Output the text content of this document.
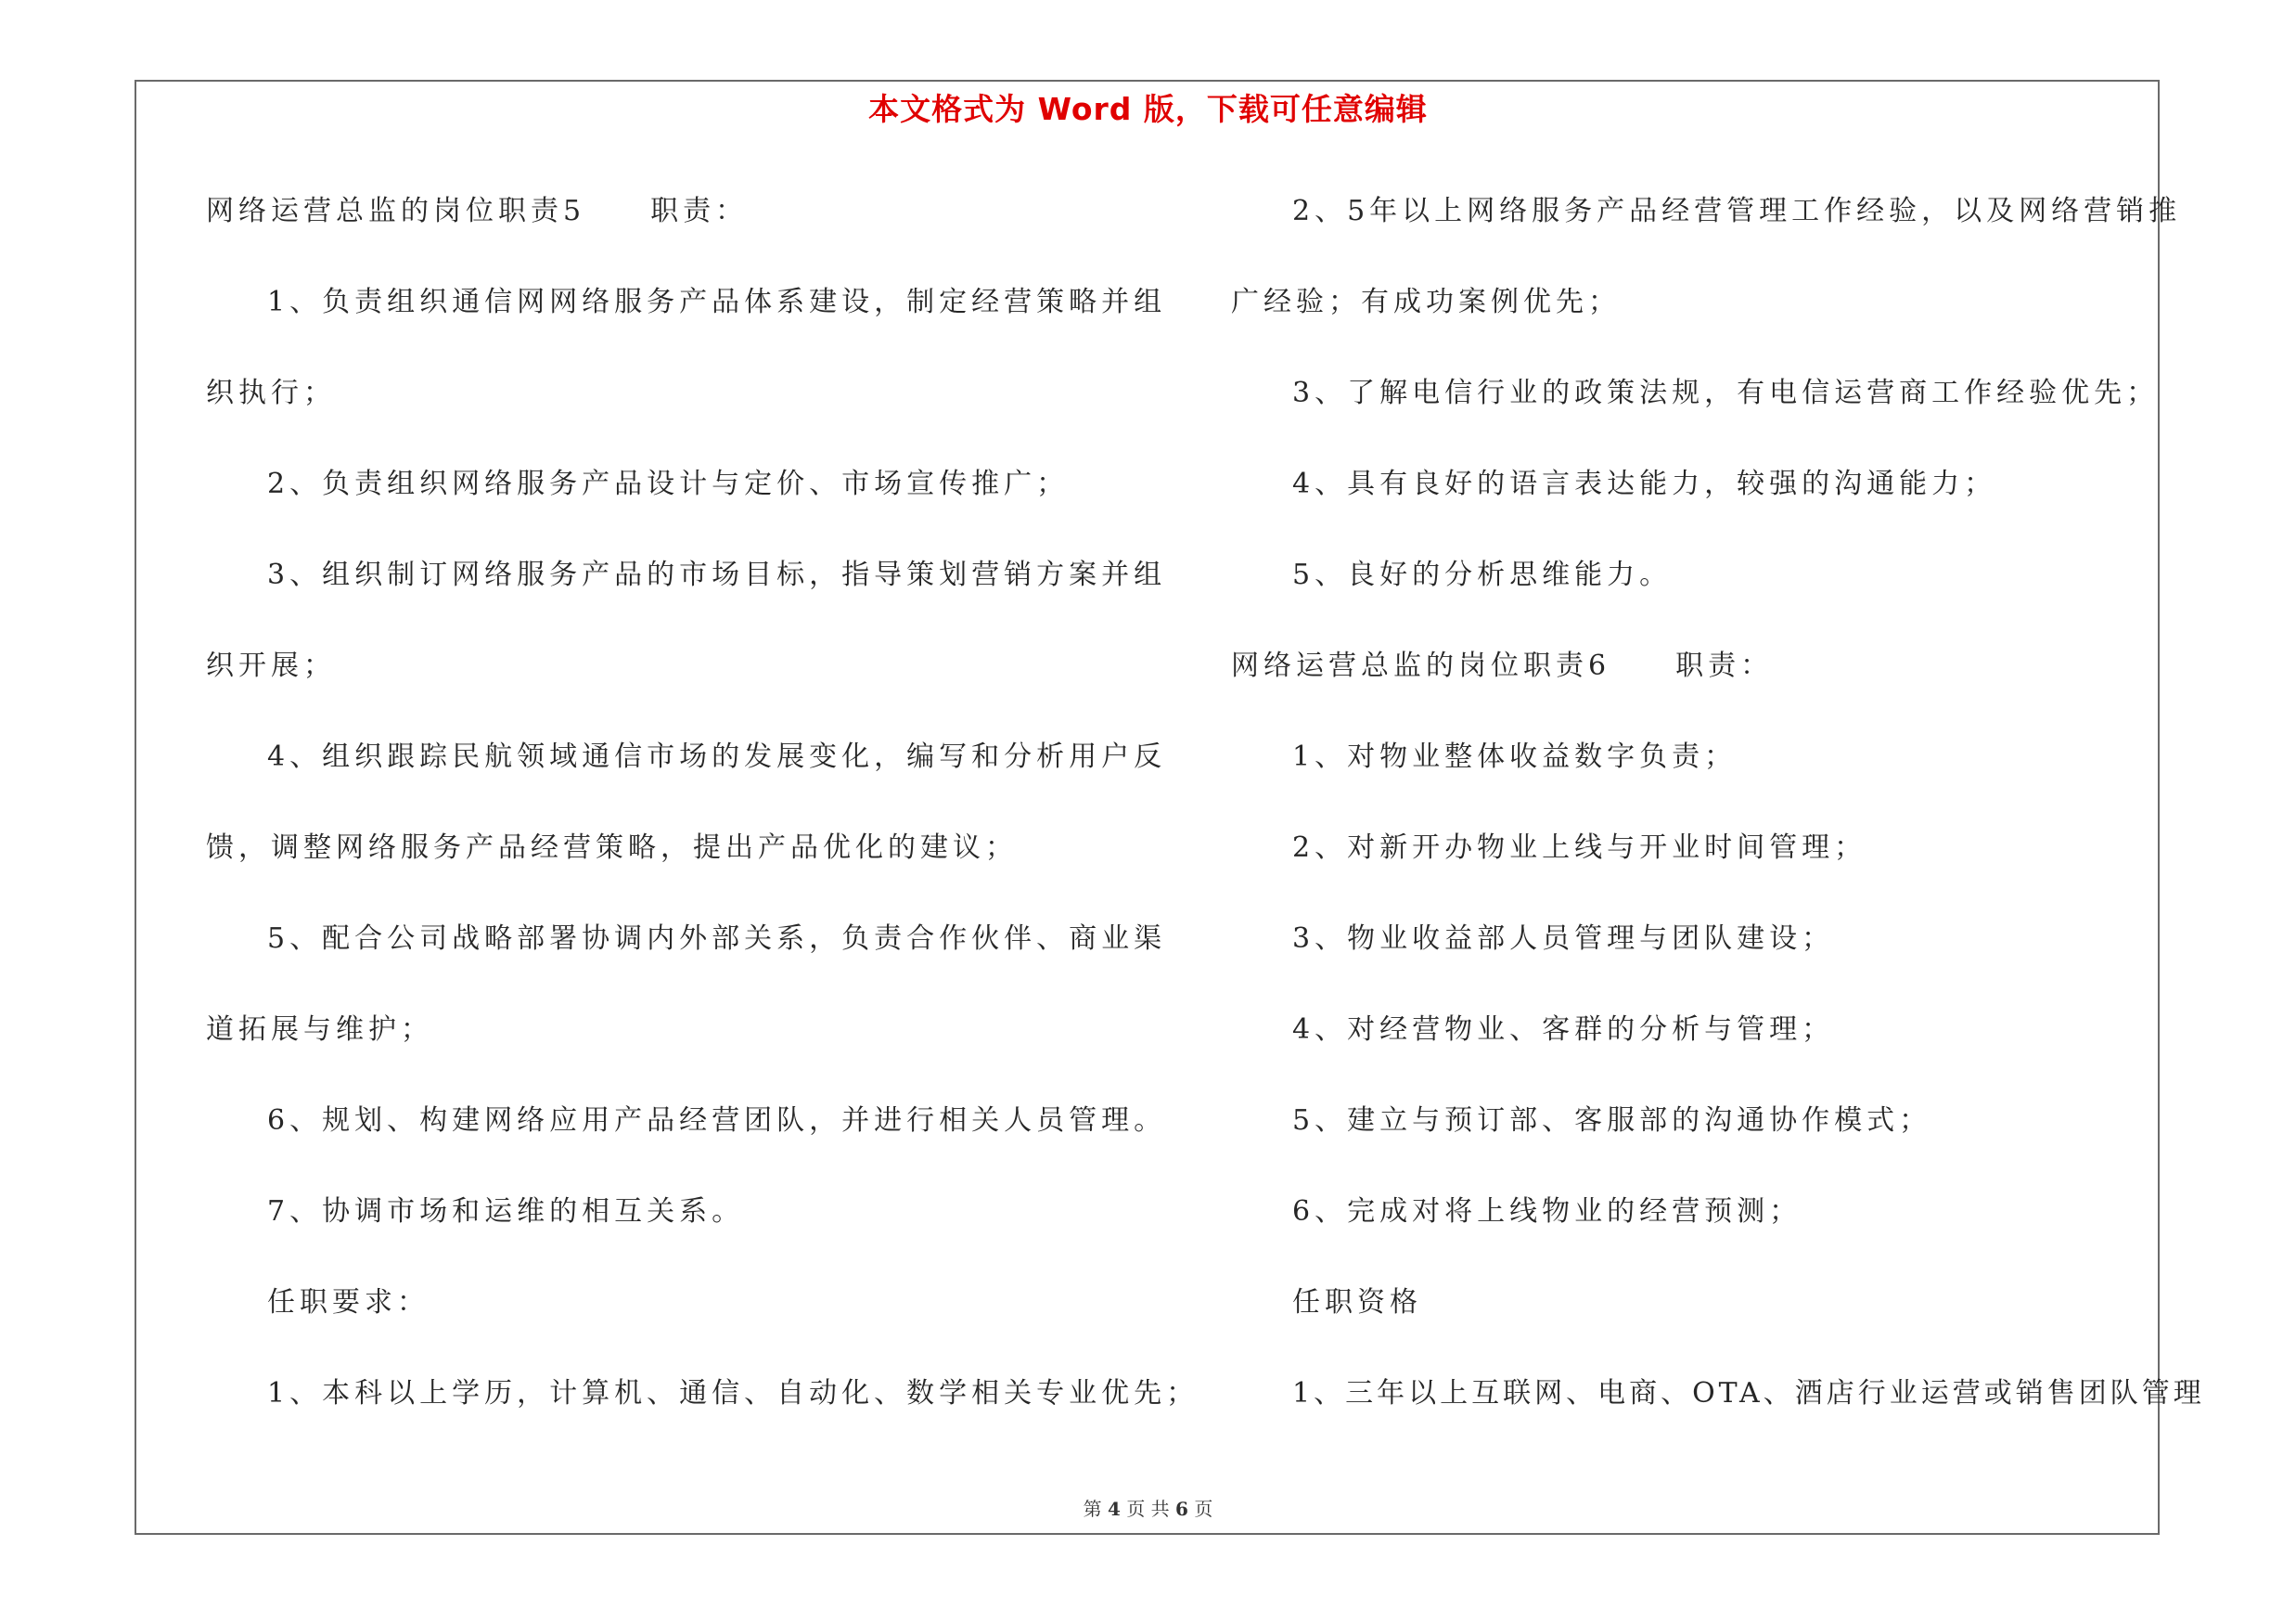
本文格式为 Word 版，下载可任意编辑
网络运营总监的岗位职责5 职责：
1、负责组织通信网网络服务产品体系建设，制定经营策略并组
织执行；
2、负责组织网络服务产品设计与定价、市场宣传推广；
3、组织制订网络服务产品的市场目标，指导策划营销方案并组
织开展；
4、组织跟踪民航领域通信市场的发展变化，编写和分析用户反
馈，调整网络服务产品经营策略，提出产品优化的建议；
5、配合公司战略部署协调内外部关系，负责合作伙伴、商业渠
道拓展与维护；
6、规划、构建网络应用产品经营团队，并进行相关人员管理。
7、协调市场和运维的相互关系。
任职要求：
1、本科以上学历，计算机、通信、自动化、数学相关专业优先；
2、5年以上网络服务产品经营管理工作经验，以及网络营销推
广经验；有成功案例优先；
3、了解电信行业的政策法规，有电信运营商工作经验优先；
4、具有良好的语言表达能力，较强的沟通能力；
5、良好的分析思维能力。
网络运营总监的岗位职责6 职责：
1、对物业整体收益数字负责；
2、对新开办物业上线与开业时间管理；
3、物业收益部人员管理与团队建设；
4、对经营物业、客群的分析与管理；
5、建立与预订部、客服部的沟通协作模式；
6、完成对将上线物业的经营预测；
任职资格
1、三年以上互联网、电商、OTA、酒店行业运营或销售团队管理
第 4 页 共 6 页
